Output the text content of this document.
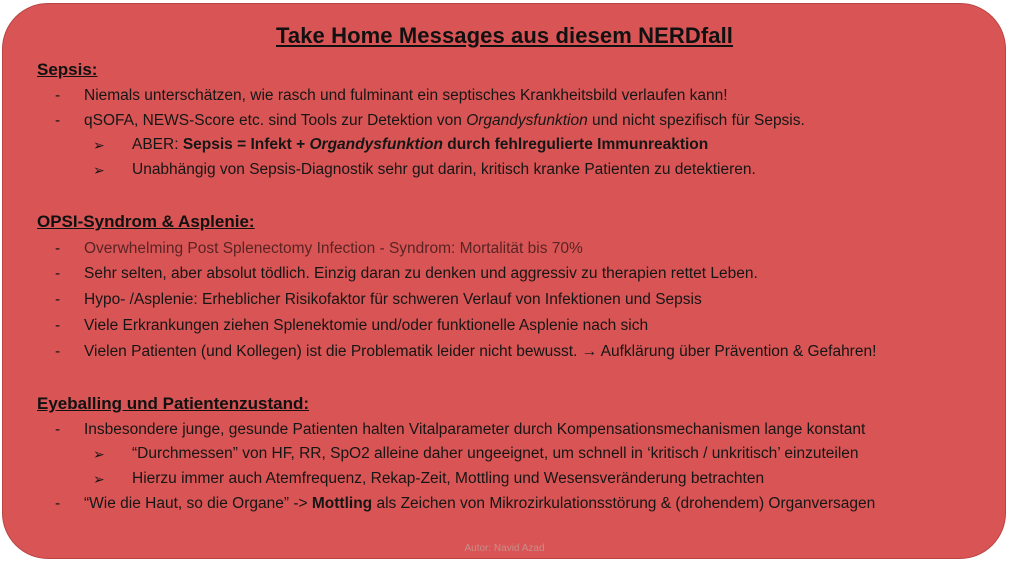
Take Home Messages aus diesem NERDfall
Sepsis:
- Niemals unterschätzen, wie rasch und fulminant ein septisches Krankheitsbild verlaufen kann!
- qSOFA, NEWS-Score etc. sind Tools zur Detektion von Organdysfunktion und nicht spezifisch für Sepsis.
➢ ABER: Sepsis = Infekt + Organdysfunktion durch fehlregulierte Immunreaktion
➢ Unabhängig von Sepsis-Diagnostik sehr gut darin, kritisch kranke Patienten zu detektieren.
OPSI-Syndrom & Asplenie:
- Overwhelming Post Splenectomy Infection - Syndrom: Mortalität bis 70%
- Sehr selten, aber absolut tödlich. Einzig daran zu denken und aggressiv zu therapien rettet Leben.
- Hypo- /Asplenie: Erheblicher Risikofaktor für schweren Verlauf von Infektionen und Sepsis
- Viele Erkrankungen ziehen Splenektomie und/oder funktionelle Asplenie nach sich
- Vielen Patienten (und Kollegen) ist die Problematik leider nicht bewusst. → Aufklärung über Prävention & Gefahren!
Eyeballing und Patientenzustand:
- Insbesondere junge, gesunde Patienten halten Vitalparameter durch Kompensationsmechanismen lange konstant
➢ “Durchmessen” von HF, RR, SpO2 alleine daher ungeeignet, um schnell in ‘kritisch / unkritisch’ einzuteilen
➢ Hierzu immer auch Atemfrequenz, Rekap-Zeit, Mottling und Wesensveränderung betrachten
- “Wie die Haut, so die Organe” -> Mottling als Zeichen von Mikrozirkulationsstörung & (drohendem) Organversagen
Autor: Navid Azad
